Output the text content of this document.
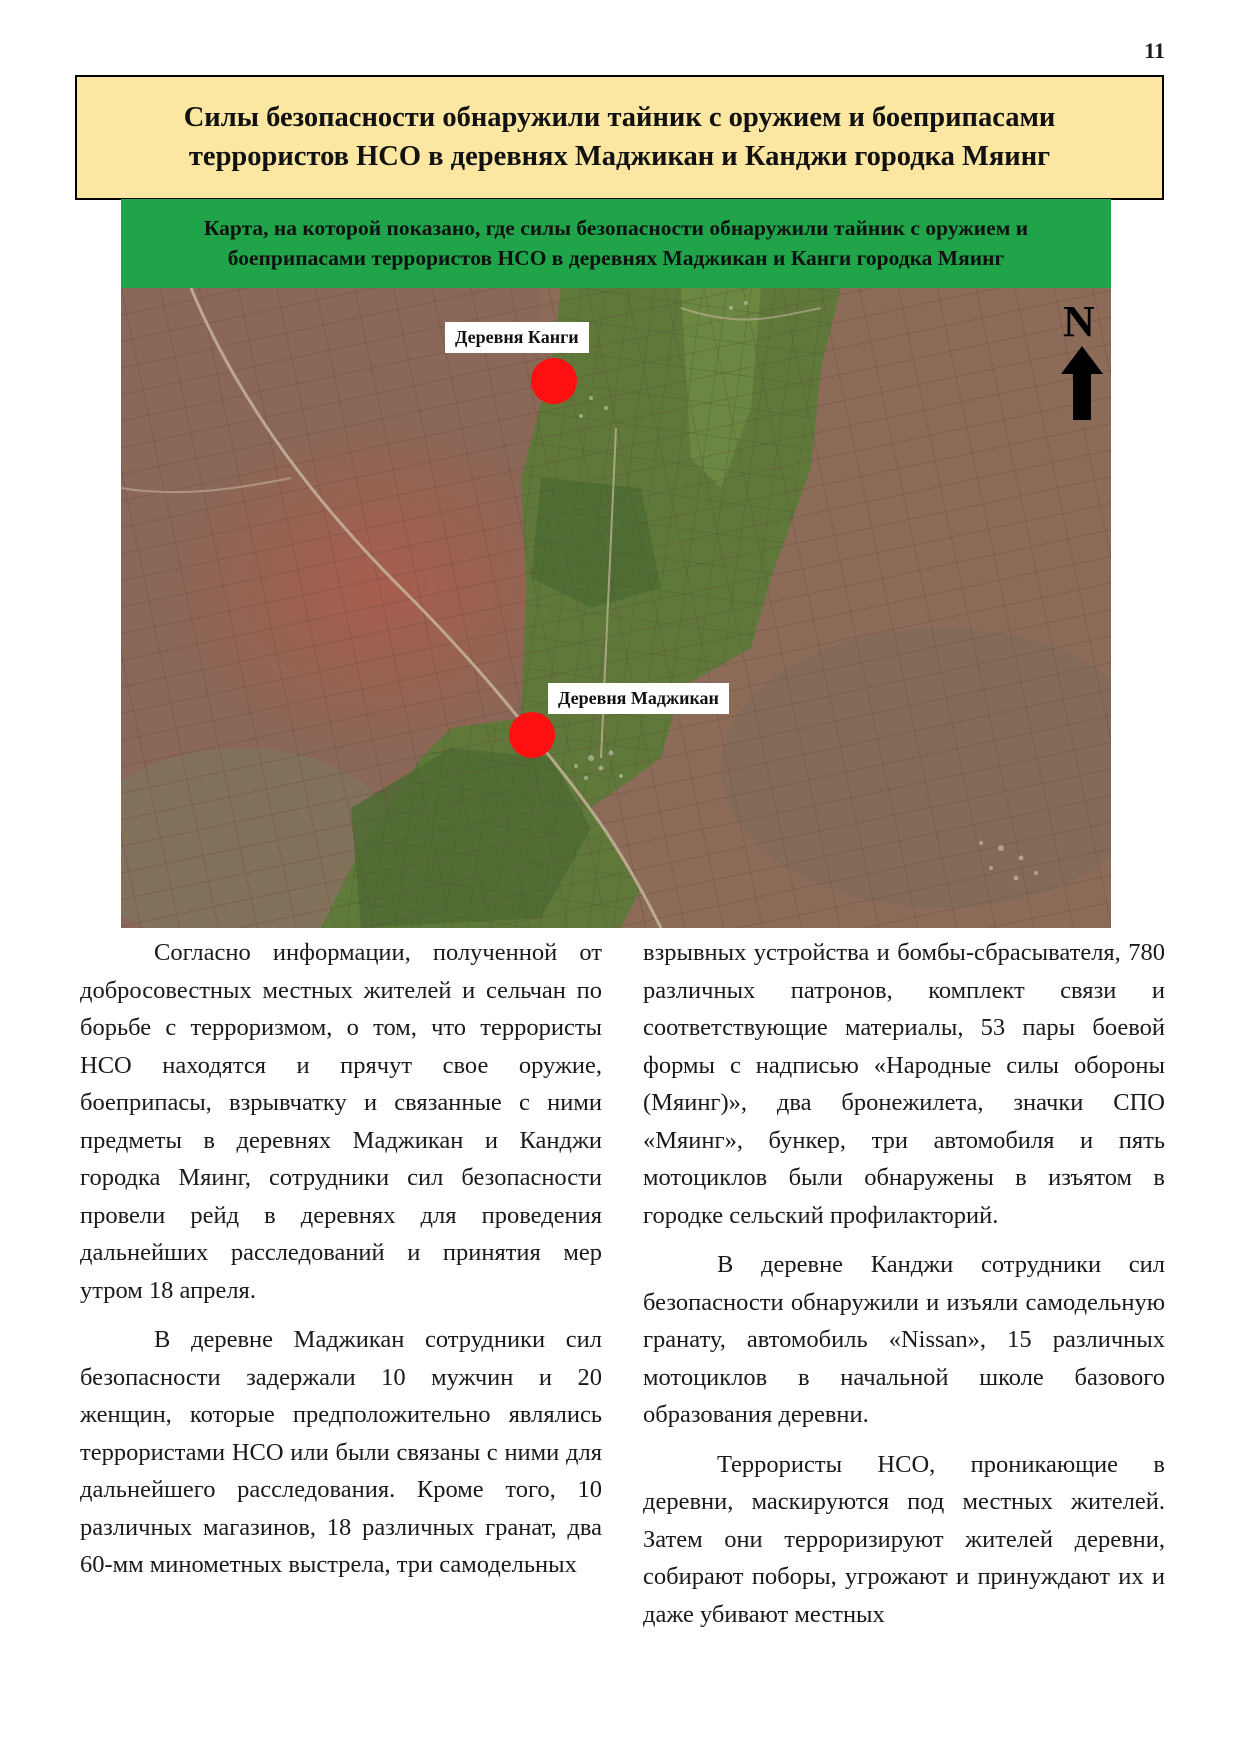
11
Силы безопасности обнаружили тайник с оружием и боеприпасами террористов НСО в деревнях Маджикан и Канджи городка Мяинг
Карта, на которой показано, где силы безопасности обнаружили тайник с оружием и боеприпасами террористов НСО в деревнях Маджикан и Канги городка Мяинг
Деревня Канги
Деревня Маджикан
N

Согласно информации, полученной от добросовестных местных жителей и сельчан по борьбе с терроризмом, о том, что террористы НСО находятся и прячут свое оружие, боеприпасы, взрывчатку и связанные с ними предметы в деревнях Маджикан и Канджи городка Мяинг, сотрудники сил безопасности провели рейд в деревнях для проведения дальнейших расследований и принятия мер утром 18 апреля.

В деревне Маджикан сотрудники сил безопасности задержали 10 мужчин и 20 женщин, которые предположительно являлись террористами НСО или были связаны с ними для дальнейшего расследования. Кроме того, 10 различных магазинов, 18 различных гранат, два 60-мм минометных выстрела, три самодельных

взрывных устройства и бомбы-сбрасывателя, 780 различных патронов, комплект связи и соответствующие материалы, 53 пары боевой формы с надписью «Народные силы обороны (Мяинг)», два бронежилета, значки СПО «Мяинг», бункер, три автомобиля и пять мотоциклов были обнаружены в изъятом в городке сельский профилакторий.

В деревне Канджи сотрудники сил безопасности обнаружили и изъяли самодельную гранату, автомобиль «Nissan», 15 различных мотоциклов в начальной школе базового образования деревни.

Террористы НСО, проникающие в деревни, маскируются под местных жителей. Затем они терроризируют жителей деревни, собирают поборы, угрожают и принуждают их и даже убивают местных
